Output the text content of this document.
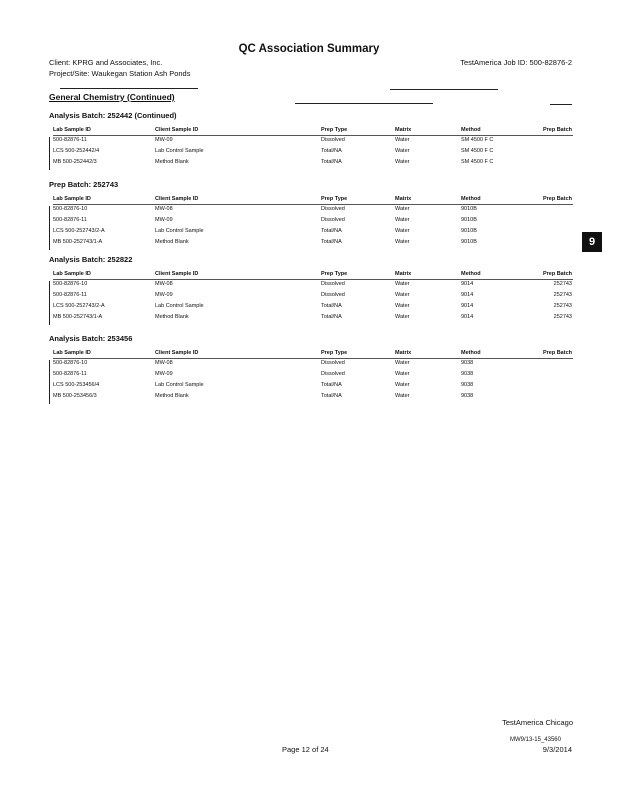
QC Association Summary
Client: KPRG and Associates, Inc.
Project/Site: Waukegan Station Ash Ponds
TestAmerica Job ID: 500-82876-2
General Chemistry (Continued)
9
Analysis Batch: 252442 (Continued)
Lab Sample ID	Client Sample ID	Prep Type	Matrix	Method	Prep Batch
500-82876-11	MW-09	Dissolved	Water	SM 4500 F C
LCS 500-252442/4	Lab Control Sample	Total/NA	Water	SM 4500 F C
MB 500-252442/3	Method Blank	Total/NA	Water	SM 4500 F C
Prep Batch: 252743
Lab Sample ID	Client Sample ID	Prep Type	Matrix	Method	Prep Batch
500-82876-10	MW-08	Dissolved	Water	9010B
500-82876-11	MW-09	Dissolved	Water	9010B
LCS 500-252743/2-A	Lab Control Sample	Total/NA	Water	9010B
MB 500-252743/1-A	Method Blank	Total/NA	Water	9010B
Analysis Batch: 252822
Lab Sample ID	Client Sample ID	Prep Type	Matrix	Method	Prep Batch
500-82876-10	MW-08	Dissolved	Water	9014	252743
500-82876-11	MW-09	Dissolved	Water	9014	252743
LCS 500-252743/2-A	Lab Control Sample	Total/NA	Water	9014	252743
MB 500-252743/1-A	Method Blank	Total/NA	Water	9014	252743
Analysis Batch: 253456
Lab Sample ID	Client Sample ID	Prep Type	Matrix	Method	Prep Batch
500-82876-10	MW-08	Dissolved	Water	9038
500-82876-11	MW-09	Dissolved	Water	9038
LCS 500-253456/4	Lab Control Sample	Total/NA	Water	9038
MB 500-253456/3	Method Blank	Total/NA	Water	9038
TestAmerica Chicago
MW9/13-15_43560
Page 12 of 24	9/3/2014
